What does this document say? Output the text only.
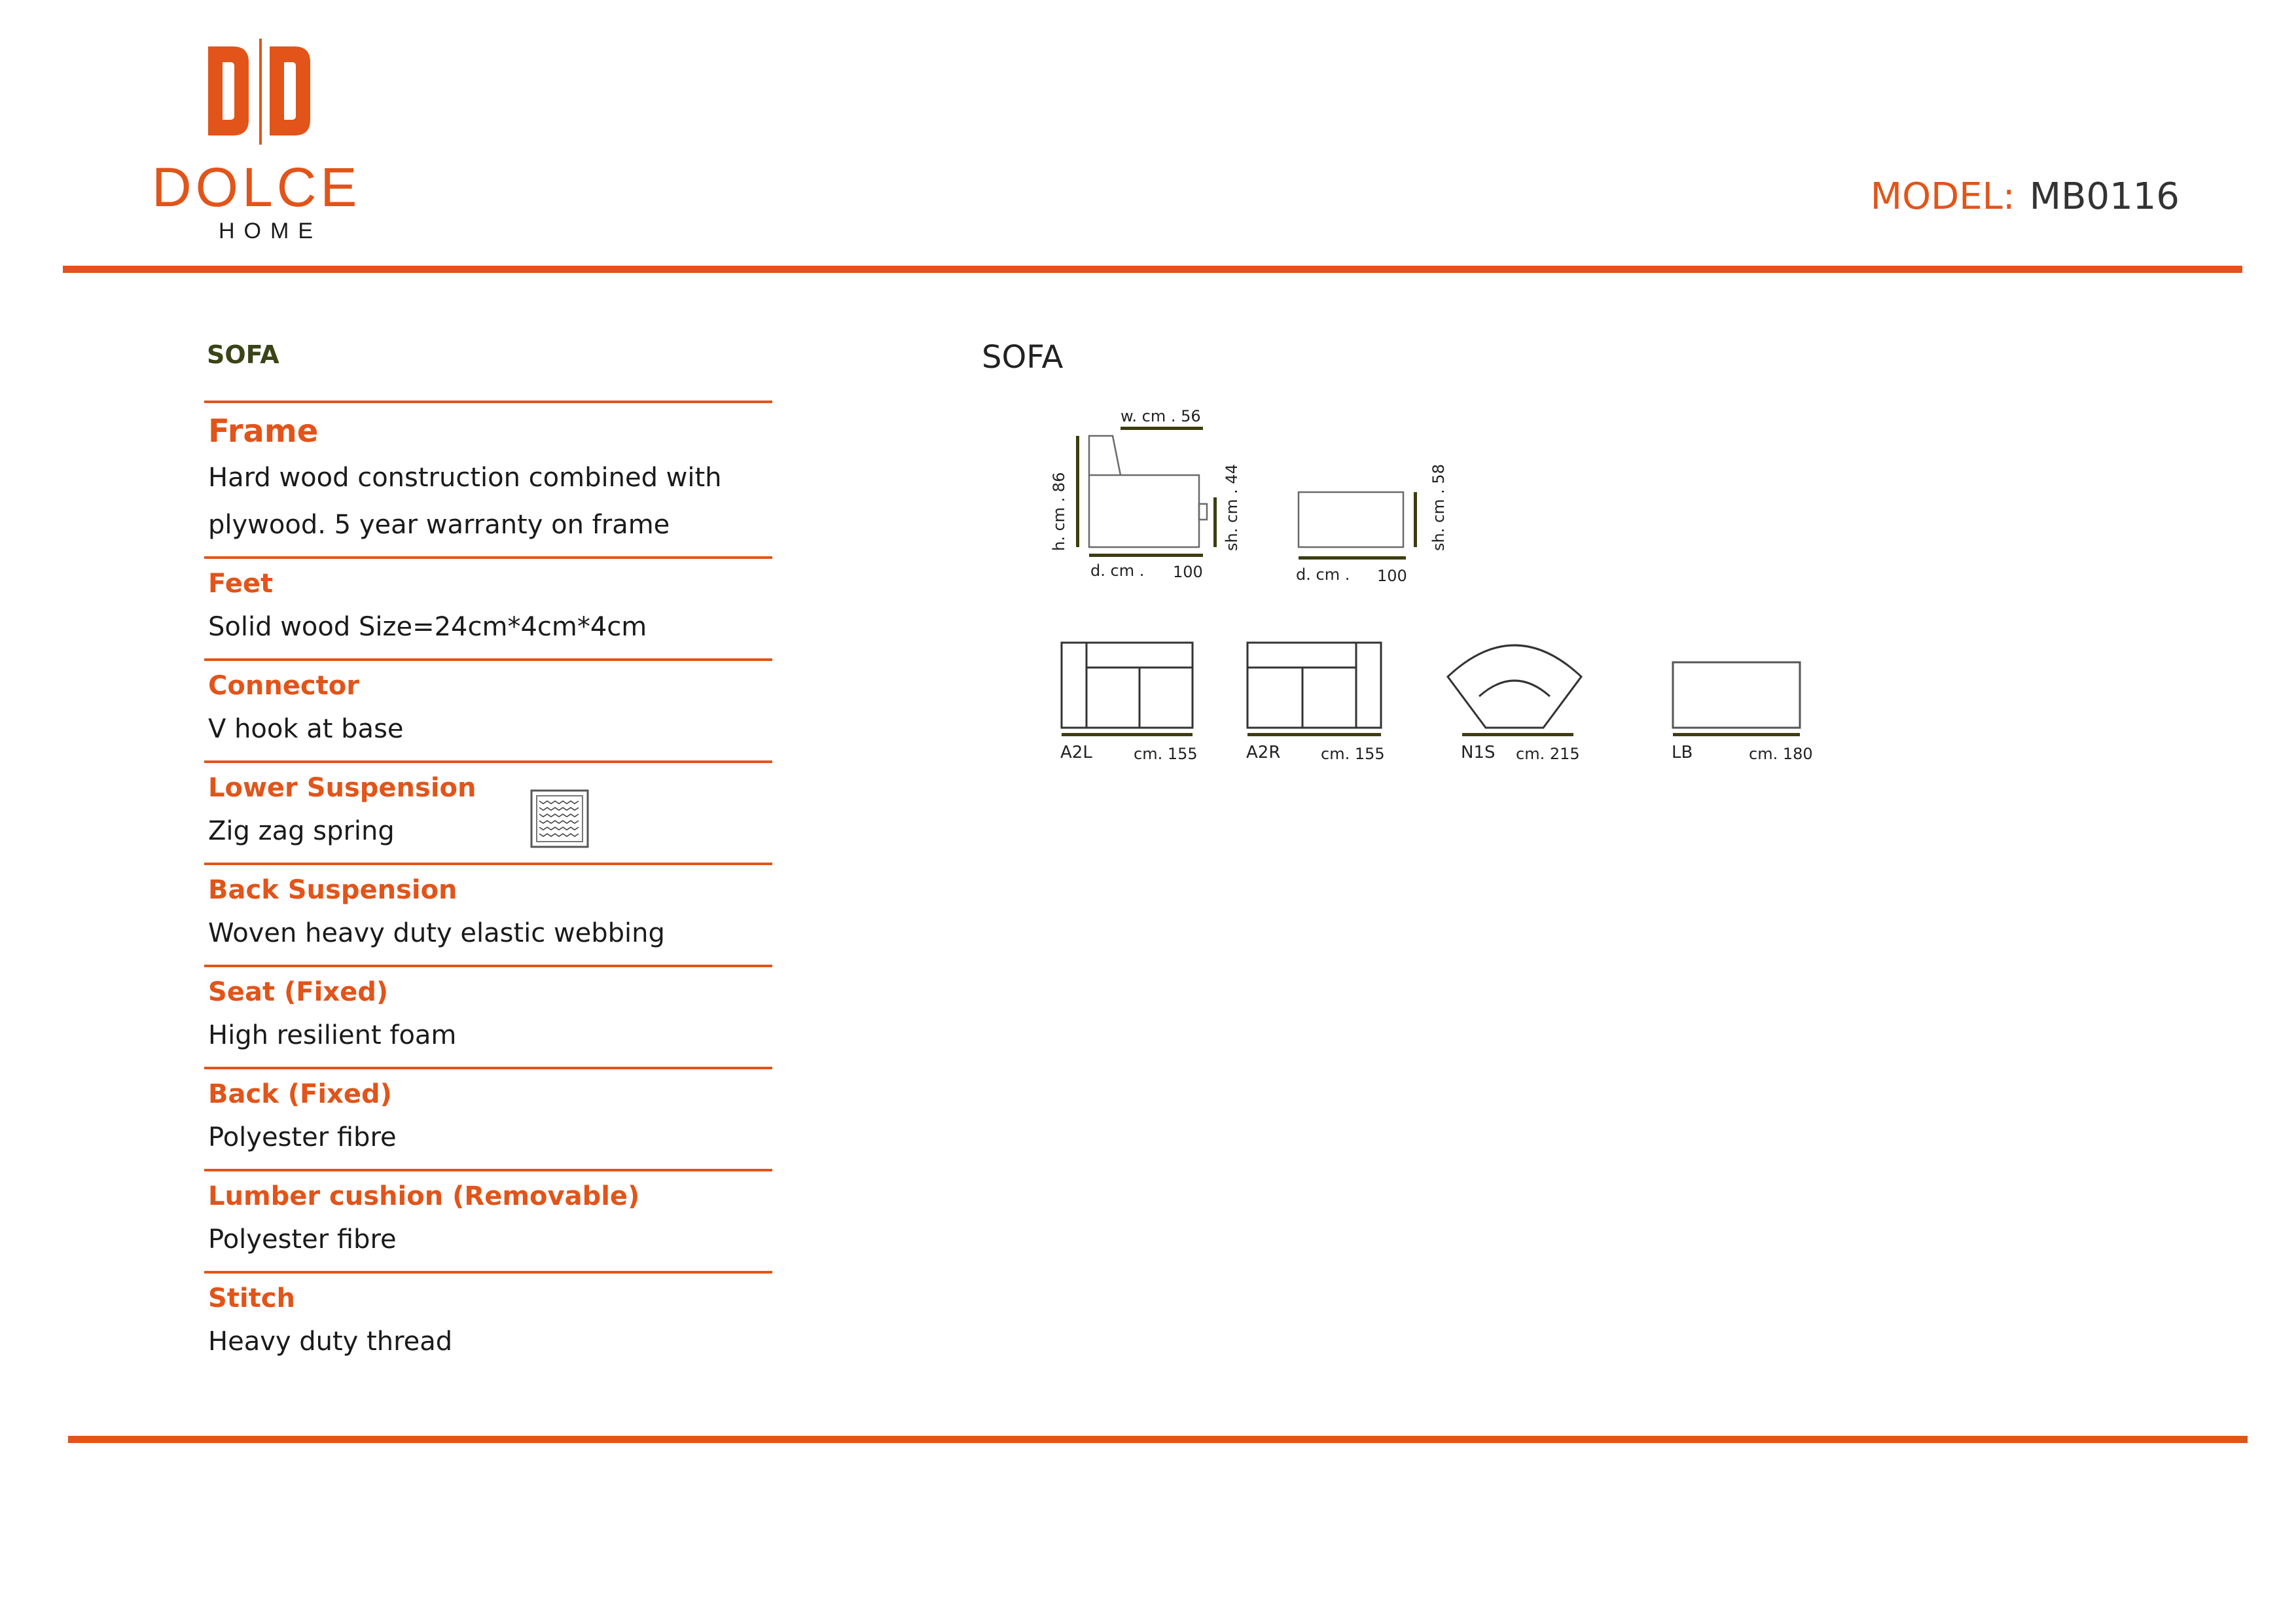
DOLCE
HOME
MODEL: MB0116
SOFA
Frame
Hard wood construction combined with plywood. 5 year warranty on frame
Feet
Solid wood Size=24cm*4cm*4cm
Connector
V hook at base
Lower Suspension
Zig zag spring
Back Suspension
Woven heavy duty elastic webbing
Seat (Fixed)
High resilient foam
Back (Fixed)
Polyester fibre
Lumber cushion (Removable)
Polyester fibre
Stitch
Heavy duty thread
SOFA
w. cm . 56
h. cm . 86	sh. cm . 44
d. cm . 100
sh. cm . 58
d. cm . 100
A2L	cm. 155	A2R	cm. 155	N1S cm. 215	LB	cm. 180
